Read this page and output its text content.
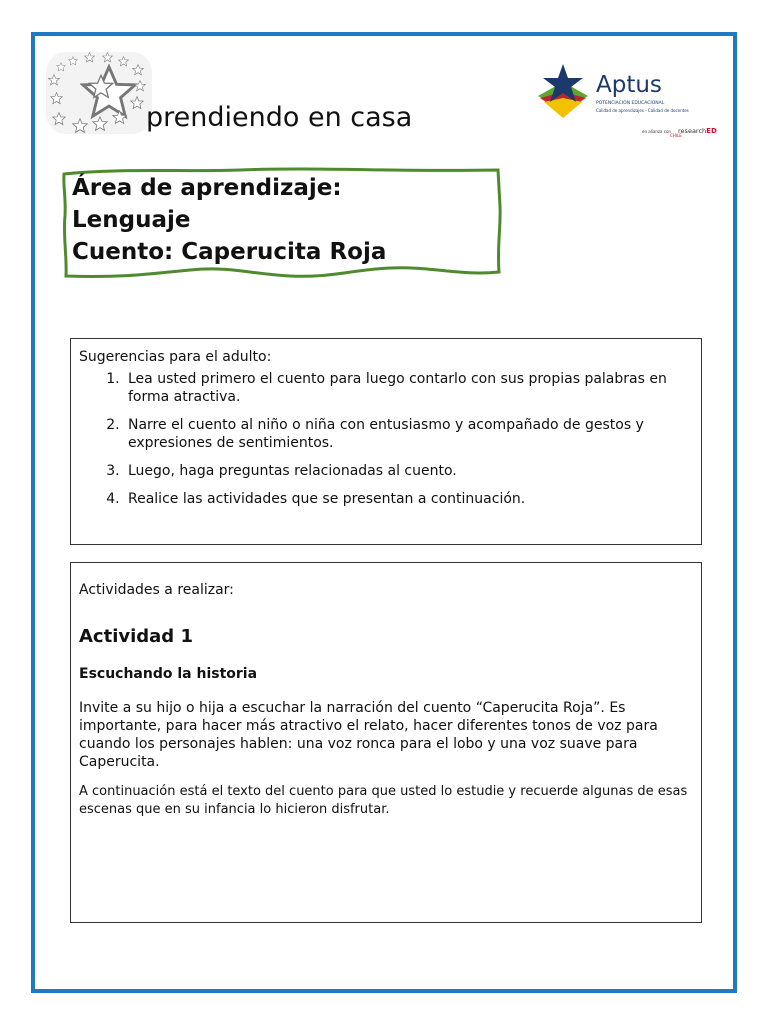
prendiendo en casa
Aptus
POTENCIACIÓN EDUCACIONAL
Calidad de aprendizajes - Calidad de docentes
en alianza con researchED
CHILE
Área de aprendizaje:
Lenguaje
Cuento: Caperucita Roja
Sugerencias para el adulto:
1. Lea usted primero el cuento para luego contarlo con sus propias palabras en forma atractiva.
2. Narre el cuento al niño o niña con entusiasmo y acompañado de gestos y expresiones de sentimientos.
3. Luego, haga preguntas relacionadas al cuento.
4. Realice las actividades que se presentan a continuación.
Actividades a realizar:
Actividad 1
Escuchando la historia
Invite a su hijo o hija a escuchar la narración del cuento “Caperucita Roja”. Es importante, para hacer más atractivo el relato, hacer diferentes tonos de voz para cuando los personajes hablen: una voz ronca para el lobo y una voz suave para Caperucita.
A continuación está el texto del cuento para que usted lo estudie y recuerde algunas de esas escenas que en su infancia lo hicieron disfrutar.
